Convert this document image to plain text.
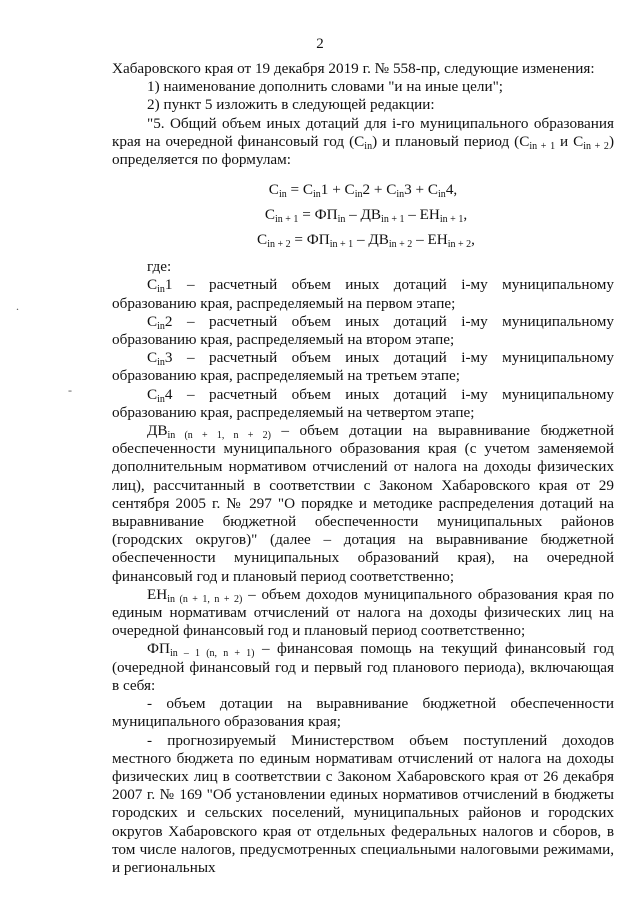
2
.
-

Хабаровского края от 19 декабря 2019 г. № 558-пр, следующие изменения:

1) наименование дополнить словами "и на иные цели";

2) пункт 5 изложить в следующей редакции:

"5. Общий объем иных дотаций для i-го муниципального образования края на очередной финансовый год $(C_{in})$ и плановый период ($C_{in + 1}$ и $C_{in + 2}$) определяется по формулам:

$C_{in} = C_{in}1 + C_{in}2 + C_{in}3 + C_{in}4$,
$C_{in + 1} = ФП_{in} - ДВ_{in + 1} - ЕН_{in + 1}$,
$C_{in + 2} = ФП_{in + 1} - ДВ_{in + 2} - ЕН_{in + 2}$,

где:

$C_{in}1$ – расчетный объем иных дотаций i-му муниципальному образованию края, распределяемый на первом этапе;

$C_{in}2$ – расчетный объем иных дотаций i-му муниципальному образованию края, распределяемый на втором этапе;

$C_{in}3$ – расчетный объем иных дотаций i-му муниципальному образованию края, распределяемый на третьем этапе;

$C_{in}4$ – расчетный объем иных дотаций i-му муниципальному образованию края, распределяемый на четвертом этапе;

$ДВ_{in (n + 1, n + 2)}$ – объем дотации на выравнивание бюджетной обеспеченности муниципального образования края (с учетом заменяемой дополнительным нормативом отчислений от налога на доходы физических лиц), рассчитанный в соответствии с Законом Хабаровского края от 29 сентября 2005 г. № 297 "О порядке и методике распределения дотаций на выравнивание бюджетной обеспеченности муниципальных районов (городских округов)" (далее – дотация на выравнивание бюджетной обеспеченности муниципальных образований края), на очередной финансовый год и плановый период соответственно;

$ЕН_{in (n + 1, n + 2)}$ – объем доходов муниципального образования края по единым нормативам отчислений от налога на доходы физических лиц на очередной финансовый год и плановый период соответственно;

$ФП_{in - 1 (n, n + 1)}$ – финансовая помощь на текущий финансовый год (очередной финансовый год и первый год планового периода), включающая в себя:

- объем дотации на выравнивание бюджетной обеспеченности муниципального образования края;

- прогнозируемый Министерством объем поступлений доходов местного бюджета по единым нормативам отчислений от налога на доходы физических лиц в соответствии с Законом Хабаровского края от 26 декабря 2007 г. № 169 "Об установлении единых нормативов отчислений в бюджеты городских и сельских поселений, муниципальных районов и городских округов Хабаровского края от отдельных федеральных налогов и сборов, в том числе налогов, предусмотренных специальными налоговыми режимами, и региональных
